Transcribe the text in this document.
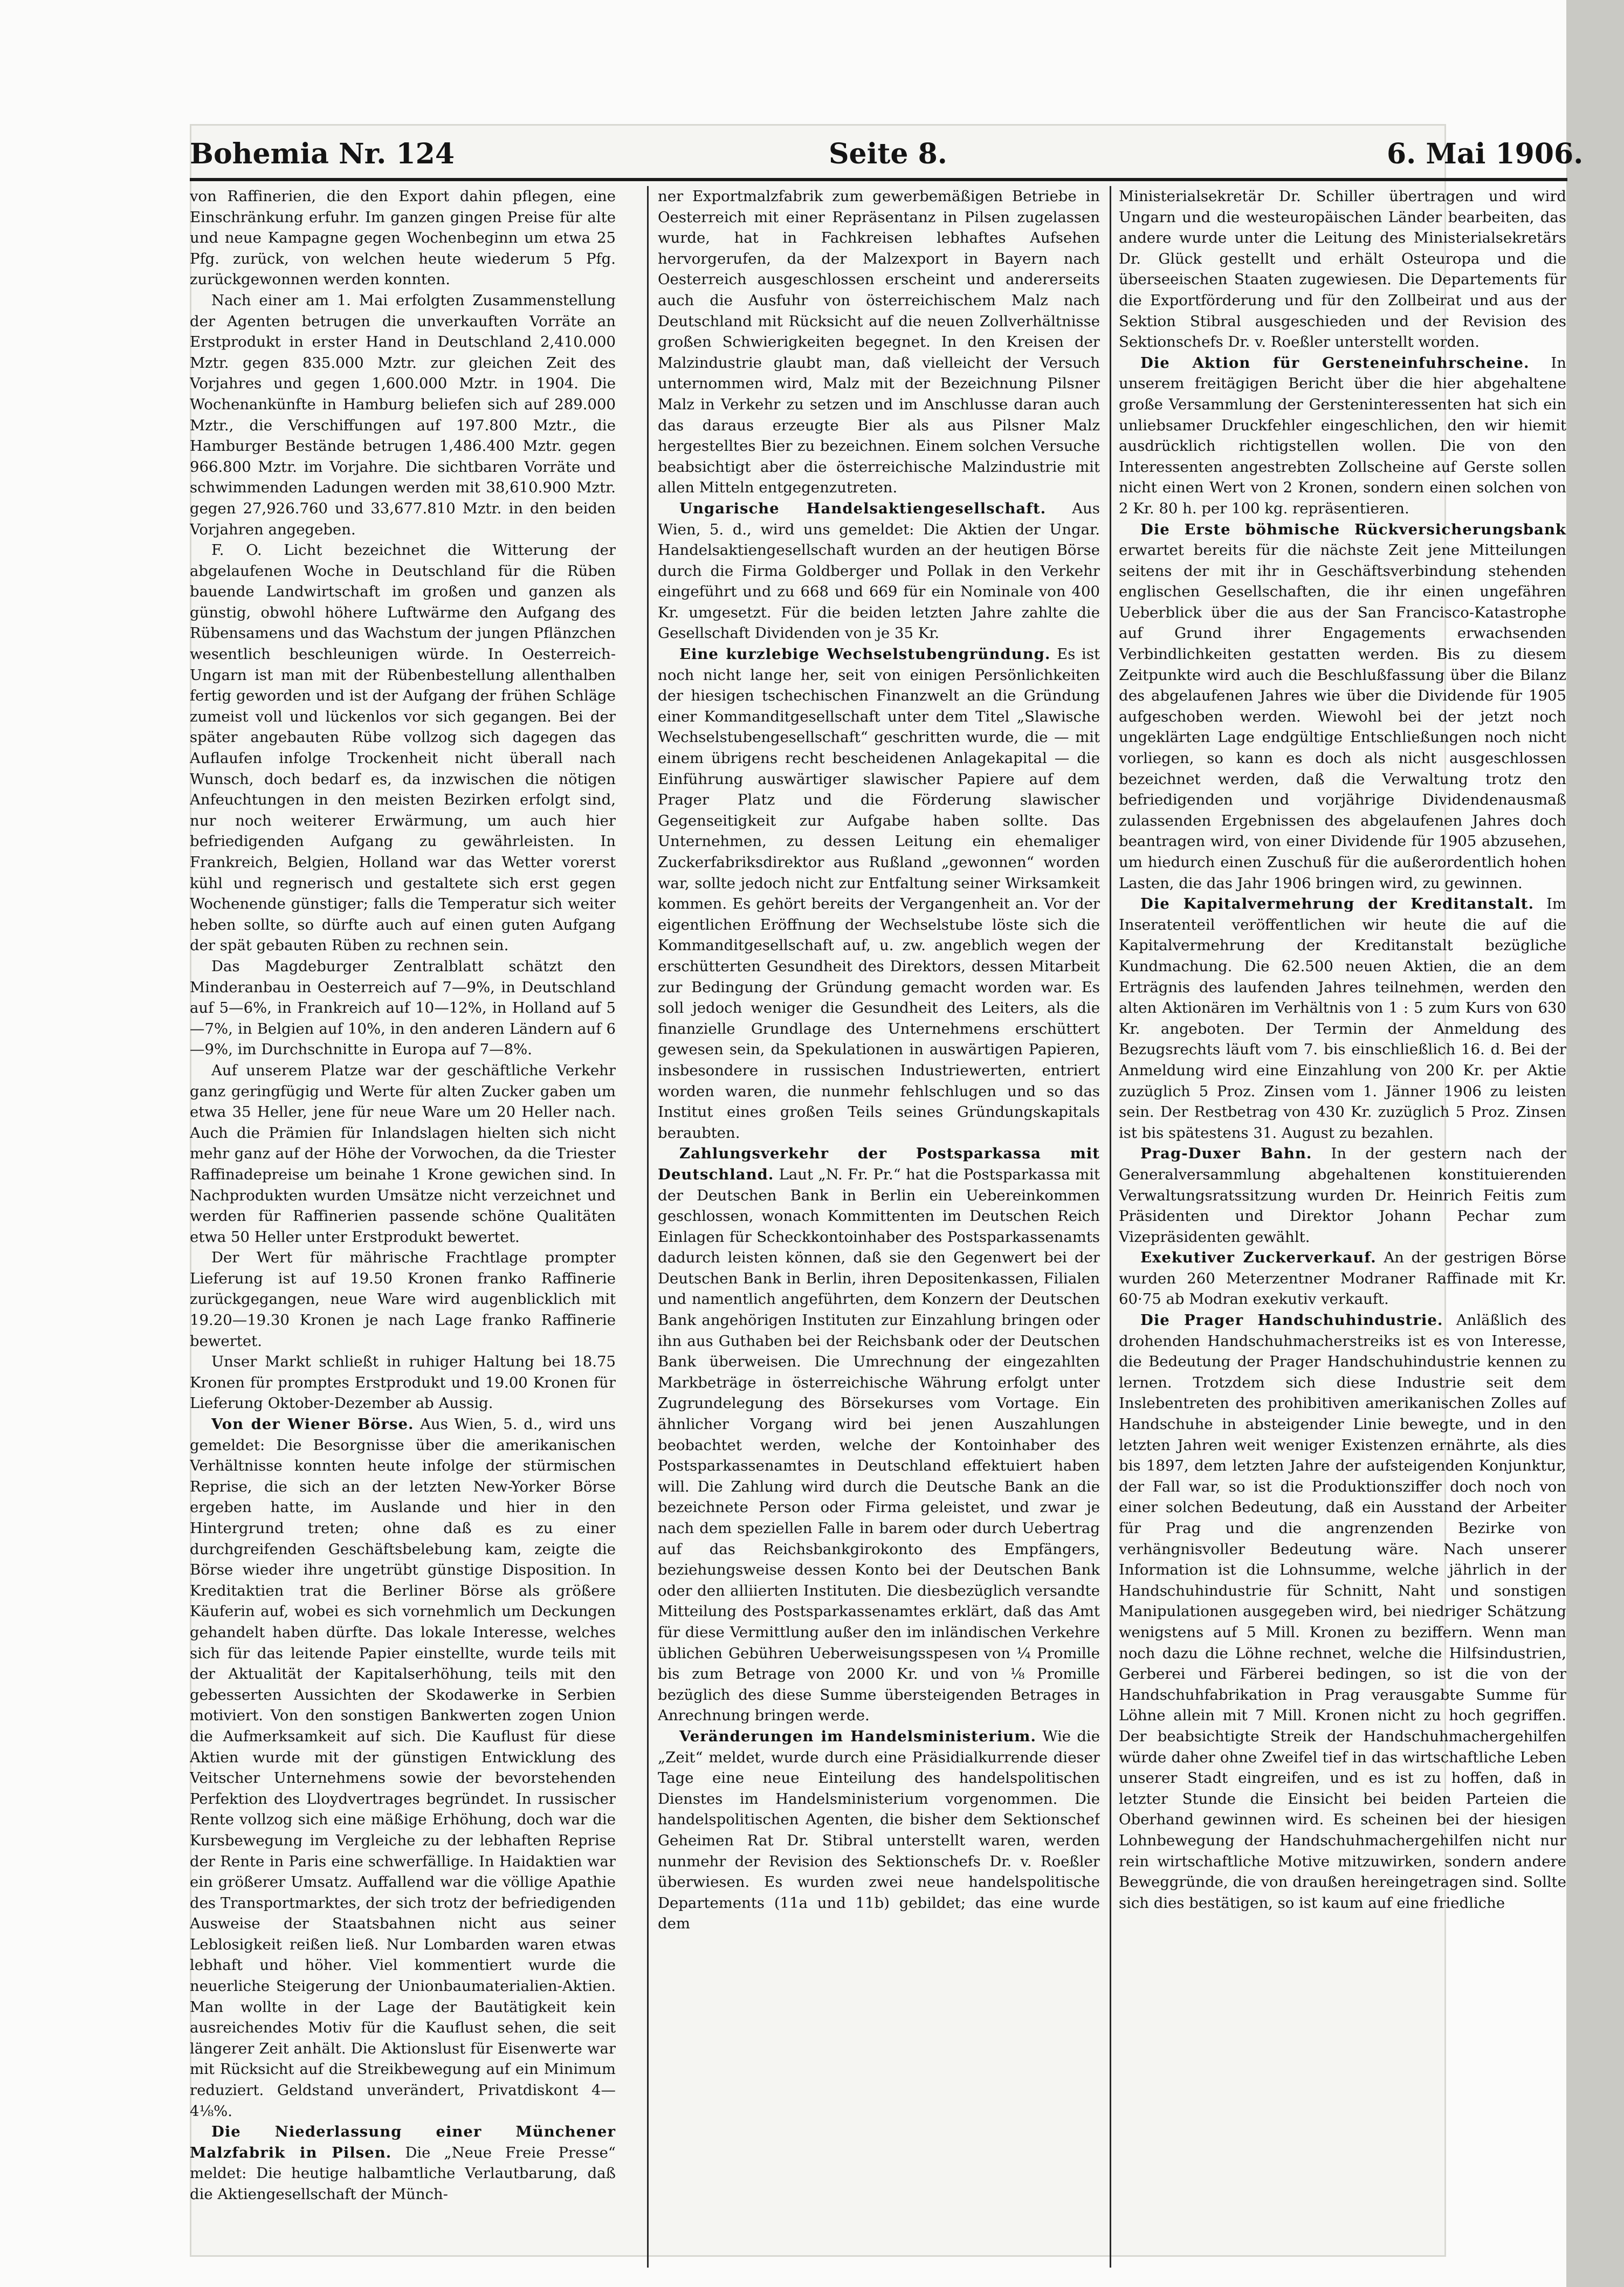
Bohemia Nr. 124	Seite 8.	6. Mai 1906.

von Raffinerien, die den Export dahin pflegen, eine Einschränkung erfuhr. Im ganzen gingen Preise für alte und neue Kampagne gegen Wochenbeginn um etwa 25 Pfg. zurück, von welchen heute wiederum 5 Pfg. zurückgewonnen werden konnten.

Nach einer am 1. Mai erfolgten Zusammenstellung der Agenten betrugen die unverkauften Vorräte an Erstprodukt in erster Hand in Deutschland 2,410.000 Mztr. gegen 835.000 Mztr. zur gleichen Zeit des Vorjahres und gegen 1,600.000 Mztr. in 1904. Die Wochenankünfte in Hamburg beliefen sich auf 289.000 Mztr., die Verschiffungen auf 197.800 Mztr., die Hamburger Bestände betrugen 1,486.400 Mztr. gegen 966.800 Mztr. im Vorjahre. Die sichtbaren Vorräte und schwimmenden Ladungen werden mit 38,610.900 Mztr. gegen 27,926.760 und 33,677.810 Mztr. in den beiden Vorjahren angegeben.

F. O. Licht bezeichnet die Witterung der abgelaufenen Woche in Deutschland für die Rüben bauende Landwirtschaft im großen und ganzen als günstig, obwohl höhere Luftwärme den Aufgang des Rübensamens und das Wachstum der jungen Pflänzchen wesentlich beschleunigen würde. In Oesterreich-Ungarn ist man mit der Rübenbestellung allenthalben fertig geworden und ist der Aufgang der frühen Schläge zumeist voll und lückenlos vor sich gegangen. Bei der später angebauten Rübe vollzog sich dagegen das Auflaufen infolge Trockenheit nicht überall nach Wunsch, doch bedarf es, da inzwischen die nötigen Anfeuchtungen in den meisten Bezirken erfolgt sind, nur noch weiterer Erwärmung, um auch hier befriedigenden Aufgang zu gewährleisten. In Frankreich, Belgien, Holland war das Wetter vorerst kühl und regnerisch und gestaltete sich erst gegen Wochenende günstiger; falls die Temperatur sich weiter heben sollte, so dürfte auch auf einen guten Aufgang der spät gebauten Rüben zu rechnen sein.

Das Magdeburger Zentralblatt schätzt den Minderanbau in Oesterreich auf 7—9%, in Deutschland auf 5—6%, in Frankreich auf 10—12%, in Holland auf 5—7%, in Belgien auf 10%, in den anderen Ländern auf 6—9%, im Durchschnitte in Europa auf 7—8%.

Auf unserem Platze war der geschäftliche Verkehr ganz geringfügig und Werte für alten Zucker gaben um etwa 35 Heller, jene für neue Ware um 20 Heller nach. Auch die Prämien für Inlandslagen hielten sich nicht mehr ganz auf der Höhe der Vorwochen, da die Triester Raffinadepreise um beinahe 1 Krone gewichen sind. In Nachprodukten wurden Umsätze nicht verzeichnet und werden für Raffinerien passende schöne Qualitäten etwa 50 Heller unter Erstprodukt bewertet.

Der Wert für mährische Frachtlage prompter Lieferung ist auf 19.50 Kronen franko Raffinerie zurückgegangen, neue Ware wird augenblicklich mit 19.20—19.30 Kronen je nach Lage franko Raffinerie bewertet.

Unser Markt schließt in ruhiger Haltung bei 18.75 Kronen für promptes Erstprodukt und 19.00 Kronen für Lieferung Oktober-Dezember ab Aussig.

Von der Wiener Börse. Aus Wien, 5. d., wird uns gemeldet: Die Besorgnisse über die amerikanischen Verhältnisse konnten heute infolge der stürmischen Reprise, die sich an der letzten New-Yorker Börse ergeben hatte, im Auslande und hier in den Hintergrund treten; ohne daß es zu einer durchgreifenden Geschäftsbelebung kam, zeigte die Börse wieder ihre ungetrübt günstige Disposition. In Kreditaktien trat die Berliner Börse als größere Käuferin auf, wobei es sich vornehmlich um Deckungen gehandelt haben dürfte. Das lokale Interesse, welches sich für das leitende Papier einstellte, wurde teils mit der Aktualität der Kapitalserhöhung, teils mit den gebesserten Aussichten der Skodawerke in Serbien motiviert. Von den sonstigen Bankwerten zogen Union die Aufmerksamkeit auf sich. Die Kauflust für diese Aktien wurde mit der günstigen Entwicklung des Veitscher Unternehmens sowie der bevorstehenden Perfektion des Lloydvertrages begründet. In russischer Rente vollzog sich eine mäßige Erhöhung, doch war die Kursbewegung im Vergleiche zu der lebhaften Reprise der Rente in Paris eine schwerfällige. In Haidaktien war ein größerer Umsatz. Auffallend war die völlige Apathie des Transportmarktes, der sich trotz der befriedigenden Ausweise der Staatsbahnen nicht aus seiner Leblosigkeit reißen ließ. Nur Lombarden waren etwas lebhaft und höher. Viel kommentiert wurde die neuerliche Steigerung der Unionbaumaterialien-Aktien. Man wollte in der Lage der Bautätigkeit kein ausreichendes Motiv für die Kauflust sehen, die seit längerer Zeit anhält. Die Aktionslust für Eisenwerte war mit Rücksicht auf die Streikbewegung auf ein Minimum reduziert. Geldstand unverändert, Privatdiskont 4—4⅛%.

Die Niederlassung einer Münchener Malzfabrik in Pilsen. Die „Neue Freie Presse“ meldet: Die heutige halbamtliche Verlautbarung, daß die Aktiengesellschaft der Münch-

ner Exportmalzfabrik zum gewerbemäßigen Betriebe in Oesterreich mit einer Repräsentanz in Pilsen zugelassen wurde, hat in Fachkreisen lebhaftes Aufsehen hervorgerufen, da der Malzexport in Bayern nach Oesterreich ausgeschlossen erscheint und andererseits auch die Ausfuhr von österreichischem Malz nach Deutschland mit Rücksicht auf die neuen Zollverhältnisse großen Schwierigkeiten begegnet. In den Kreisen der Malzindustrie glaubt man, daß vielleicht der Versuch unternommen wird, Malz mit der Bezeichnung Pilsner Malz in Verkehr zu setzen und im Anschlusse daran auch das daraus erzeugte Bier als aus Pilsner Malz hergestelltes Bier zu bezeichnen. Einem solchen Versuche beabsichtigt aber die österreichische Malzindustrie mit allen Mitteln entgegenzutreten.

Ungarische Handelsaktiengesellschaft. Aus Wien, 5. d., wird uns gemeldet: Die Aktien der Ungar. Handelsaktiengesellschaft wurden an der heutigen Börse durch die Firma Goldberger und Pollak in den Verkehr eingeführt und zu 668 und 669 für ein Nominale von 400 Kr. umgesetzt. Für die beiden letzten Jahre zahlte die Gesellschaft Dividenden von je 35 Kr.

Eine kurzlebige Wechselstubengründung. Es ist noch nicht lange her, seit von einigen Persönlichkeiten der hiesigen tschechischen Finanzwelt an die Gründung einer Kommanditgesellschaft unter dem Titel „Slawische Wechselstubengesellschaft“ geschritten wurde, die — mit einem übrigens recht bescheidenen Anlagekapital — die Einführung auswärtiger slawischer Papiere auf dem Prager Platz und die Förderung slawischer Gegenseitigkeit zur Aufgabe haben sollte. Das Unternehmen, zu dessen Leitung ein ehemaliger Zuckerfabriksdirektor aus Rußland „gewonnen“ worden war, sollte jedoch nicht zur Entfaltung seiner Wirksamkeit kommen. Es gehört bereits der Vergangenheit an. Vor der eigentlichen Eröffnung der Wechselstube löste sich die Kommanditgesellschaft auf, u. zw. angeblich wegen der erschütterten Gesundheit des Direktors, dessen Mitarbeit zur Bedingung der Gründung gemacht worden war. Es soll jedoch weniger die Gesundheit des Leiters, als die finanzielle Grundlage des Unternehmens erschüttert gewesen sein, da Spekulationen in auswärtigen Papieren, insbesondere in russischen Industriewerten, entriert worden waren, die nunmehr fehlschlugen und so das Institut eines großen Teils seines Gründungskapitals beraubten.

Zahlungsverkehr der Postsparkassa mit Deutschland. Laut „N. Fr. Pr.“ hat die Postsparkassa mit der Deutschen Bank in Berlin ein Uebereinkommen geschlossen, wonach Kommittenten im Deutschen Reich Einlagen für Scheckkontoinhaber des Postsparkassenamts dadurch leisten können, daß sie den Gegenwert bei der Deutschen Bank in Berlin, ihren Depositenkassen, Filialen und namentlich angeführten, dem Konzern der Deutschen Bank angehörigen Instituten zur Einzahlung bringen oder ihn aus Guthaben bei der Reichsbank oder der Deutschen Bank überweisen. Die Umrechnung der eingezahlten Markbeträge in österreichische Währung erfolgt unter Zugrundelegung des Börsekurses vom Vortage. Ein ähnlicher Vorgang wird bei jenen Auszahlungen beobachtet werden, welche der Kontoinhaber des Postsparkassenamtes in Deutschland effektuiert haben will. Die Zahlung wird durch die Deutsche Bank an die bezeichnete Person oder Firma geleistet, und zwar je nach dem speziellen Falle in barem oder durch Uebertrag auf das Reichsbankgirokonto des Empfängers, beziehungsweise dessen Konto bei der Deutschen Bank oder den alliierten Instituten. Die diesbezüglich versandte Mitteilung des Postsparkassenamtes erklärt, daß das Amt für diese Vermittlung außer den im inländischen Verkehre üblichen Gebühren Ueberweisungsspesen von ¼ Promille bis zum Betrage von 2000 Kr. und von ⅛ Promille bezüglich des diese Summe übersteigenden Betrages in Anrechnung bringen werde.

Veränderungen im Handelsministerium. Wie die „Zeit“ meldet, wurde durch eine Präsidialkurrende dieser Tage eine neue Einteilung des handelspolitischen Dienstes im Handelsministerium vorgenommen. Die handelspolitischen Agenten, die bisher dem Sektionschef Geheimen Rat Dr. Stibral unterstellt waren, werden nunmehr der Revision des Sektionschefs Dr. v. Roeßler überwiesen. Es wurden zwei neue handelspolitische Departements (11a und 11b) gebildet; das eine wurde dem

Ministerialsekretär Dr. Schiller übertragen und wird Ungarn und die westeuropäischen Länder bearbeiten, das andere wurde unter die Leitung des Ministerialsekretärs Dr. Glück gestellt und erhält Osteuropa und die überseeischen Staaten zugewiesen. Die Departements für die Exportförderung und für den Zollbeirat und aus der Sektion Stibral ausgeschieden und der Revision des Sektionschefs Dr. v. Roeßler unterstellt worden.

Die Aktion für Gersteneinfuhrscheine. In unserem freitägigen Bericht über die hier abgehaltene große Versammlung der Gersteninteressenten hat sich ein unliebsamer Druckfehler eingeschlichen, den wir hiemit ausdrücklich richtigstellen wollen. Die von den Interessenten angestrebten Zollscheine auf Gerste sollen nicht einen Wert von 2 Kronen, sondern einen solchen von 2 Kr. 80 h. per 100 kg. repräsentieren.

Die Erste böhmische Rückversicherungsbank erwartet bereits für die nächste Zeit jene Mitteilungen seitens der mit ihr in Geschäftsverbindung stehenden englischen Gesellschaften, die ihr einen ungefähren Ueberblick über die aus der San Francisco-Katastrophe auf Grund ihrer Engagements erwachsenden Verbindlichkeiten gestatten werden. Bis zu diesem Zeitpunkte wird auch die Beschlußfassung über die Bilanz des abgelaufenen Jahres wie über die Dividende für 1905 aufgeschoben werden. Wiewohl bei der jetzt noch ungeklärten Lage endgültige Entschließungen noch nicht vorliegen, so kann es doch als nicht ausgeschlossen bezeichnet werden, daß die Verwaltung trotz den befriedigenden und vorjährige Dividendenausmaß zulassenden Ergebnissen des abgelaufenen Jahres doch beantragen wird, von einer Dividende für 1905 abzusehen, um hiedurch einen Zuschuß für die außerordentlich hohen Lasten, die das Jahr 1906 bringen wird, zu gewinnen.

Die Kapitalvermehrung der Kreditanstalt. Im Inseratenteil veröffentlichen wir heute die auf die Kapitalvermehrung der Kreditanstalt bezügliche Kundmachung. Die 62.500 neuen Aktien, die an dem Erträgnis des laufenden Jahres teilnehmen, werden den alten Aktionären im Verhältnis von 1 : 5 zum Kurs von 630 Kr. angeboten. Der Termin der Anmeldung des Bezugsrechts läuft vom 7. bis einschließlich 16. d. Bei der Anmeldung wird eine Einzahlung von 200 Kr. per Aktie zuzüglich 5 Proz. Zinsen vom 1. Jänner 1906 zu leisten sein. Der Restbetrag von 430 Kr. zuzüglich 5 Proz. Zinsen ist bis spätestens 31. August zu bezahlen.

Prag-Duxer Bahn. In der gestern nach der Generalversammlung abgehaltenen konstituierenden Verwaltungsratssitzung wurden Dr. Heinrich Feitis zum Präsidenten und Direktor Johann Pechar zum Vizepräsidenten gewählt.

Exekutiver Zuckerverkauf. An der gestrigen Börse wurden 260 Meterzentner Modraner Raffinade mit Kr. 60·75 ab Modran exekutiv verkauft.

Die Prager Handschuhindustrie. Anläßlich des drohenden Handschuhmacherstreiks ist es von Interesse, die Bedeutung der Prager Handschuhindustrie kennen zu lernen. Trotzdem sich diese Industrie seit dem Inslebentreten des prohibitiven amerikanischen Zolles auf Handschuhe in absteigender Linie bewegte, und in den letzten Jahren weit weniger Existenzen ernährte, als dies bis 1897, dem letzten Jahre der aufsteigenden Konjunktur, der Fall war, so ist die Produktionsziffer doch noch von einer solchen Bedeutung, daß ein Ausstand der Arbeiter für Prag und die angrenzenden Bezirke von verhängnisvoller Bedeutung wäre. Nach unserer Information ist die Lohnsumme, welche jährlich in der Handschuhindustrie für Schnitt, Naht und sonstigen Manipulationen ausgegeben wird, bei niedriger Schätzung wenigstens auf 5 Mill. Kronen zu beziffern. Wenn man noch dazu die Löhne rechnet, welche die Hilfsindustrien, Gerberei und Färberei bedingen, so ist die von der Handschuhfabrikation in Prag verausgabte Summe für Löhne allein mit 7 Mill. Kronen nicht zu hoch gegriffen. Der beabsichtigte Streik der Handschuhmachergehilfen würde daher ohne Zweifel tief in das wirtschaftliche Leben unserer Stadt eingreifen, und es ist zu hoffen, daß in letzter Stunde die Einsicht bei beiden Parteien die Oberhand gewinnen wird. Es scheinen bei der hiesigen Lohnbewegung der Handschuhmachergehilfen nicht nur rein wirtschaftliche Motive mitzuwirken, sondern andere Beweggründe, die von draußen hereingetragen sind. Sollte sich dies bestätigen, so ist kaum auf eine friedliche
